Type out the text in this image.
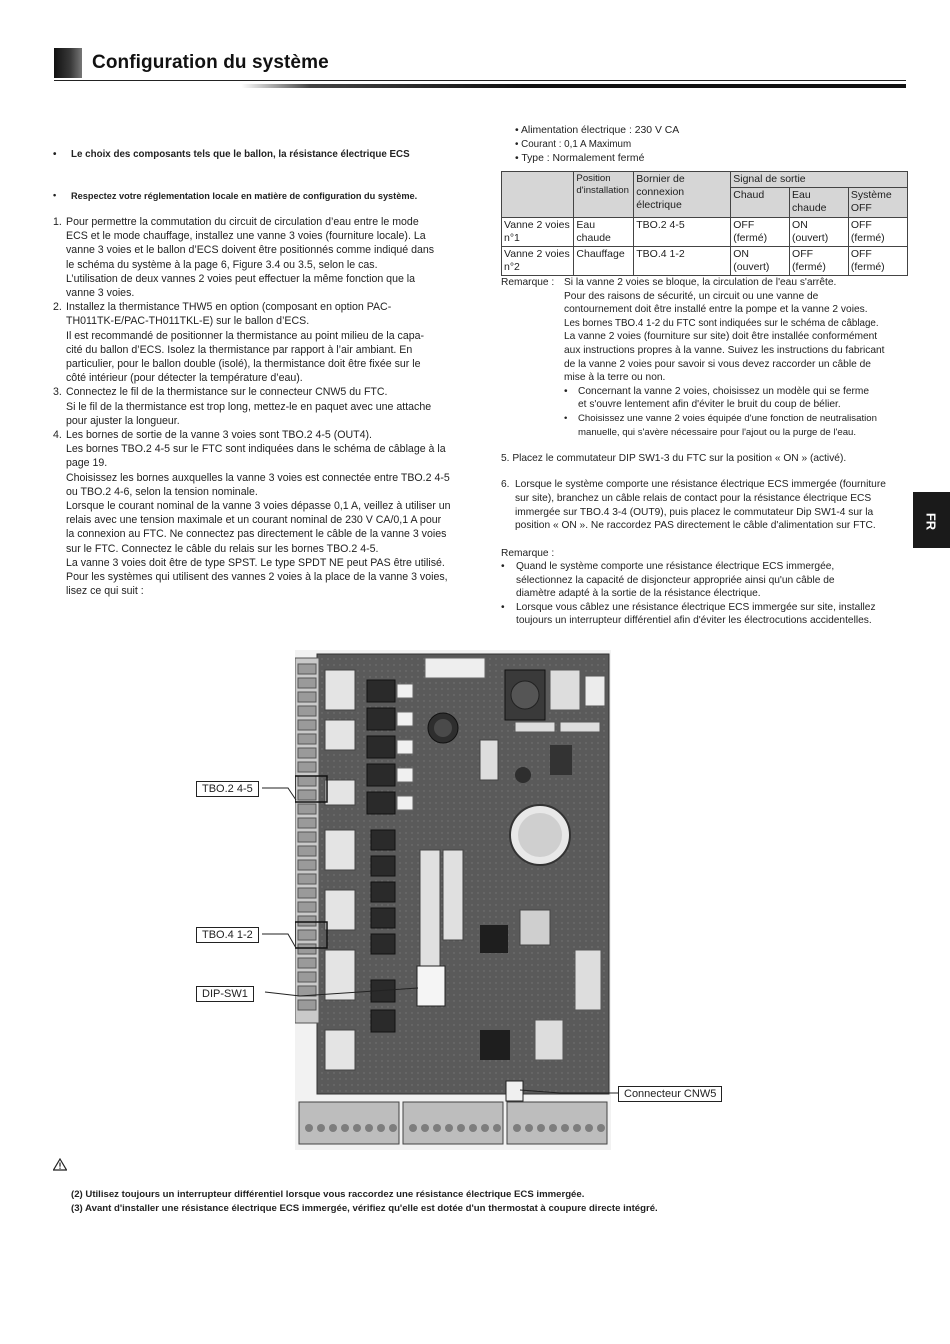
Configuration du système
• Le choix des composants tels que le ballon, la résistance électrique ECS
• Respectez votre réglementation locale en matière de configuration du système.
1. Pour permettre la commutation du circuit de circulation d’eau entre le mode
ECS et le mode chauffage, installez une vanne 3 voies (fourniture locale). La
vanne 3 voies et le ballon d’ECS doivent être positionnés comme indiqué dans
le schéma du système à la page 6, Figure 3.4 ou 3.5, selon le cas.
L’utilisation de deux vannes 2 voies peut effectuer la même fonction que la
vanne 3 voies.
2. Installez la thermistance THW5 en option (composant en option PAC-
TH011TK-E/PAC-TH011TKL-E) sur le ballon d’ECS.
Il est recommandé de positionner la thermistance au point milieu de la capa-
cité du ballon d’ECS. Isolez la thermistance par rapport à l’air ambiant. En
particulier, pour le ballon double (isolé), la thermistance doit être fixée sur le
côté intérieur (pour détecter la température d’eau).
3. Connectez le fil de la thermistance sur le connecteur CNW5 du FTC.
Si le fil de la thermistance est trop long, mettez-le en paquet avec une attache
pour ajuster la longueur.
4. Les bornes de sortie de la vanne 3 voies sont TBO.2 4-5 (OUT4).
Les bornes TBO.2 4-5 sur le FTC sont indiquées dans le schéma de câblage à la
page 19.
Choisissez les bornes auxquelles la vanne 3 voies est connectée entre TBO.2 4-5
ou TBO.2 4-6, selon la tension nominale.
Lorsque le courant nominal de la vanne 3 voies dépasse 0,1 A, veillez à utiliser un
relais avec une tension maximale et un courant nominal de 230 V CA/0,1 A pour
la connexion au FTC. Ne connectez pas directement le câble de la vanne 3 voies
sur le FTC. Connectez le câble du relais sur les bornes TBO.2 4-5.
La vanne 3 voies doit être de type SPST. Le type SPDT NE peut PAS être utilisé.
Pour les systèmes qui utilisent des vannes 2 voies à la place de la vanne 3 voies,
lisez ce qui suit :
• Alimentation électrique : 230 V CA
• Courant : 0,1 A Maximum
• Type : Normalement fermé
	Position d'installation	Bornier de connexion électrique	Signal de sortie		
			Chaud	Eau chaude	Système OFF
Vanne 2 voies n°1	Eau chaude	TBO.2 4-5	OFF (fermé)	ON (ouvert)	OFF (fermé)
Vanne 2 voies n°2	Chauffage	TBO.4 1-2	ON (ouvert)	OFF (fermé)	OFF (fermé)
Remarque : Si la vanne 2 voies se bloque, la circulation de l'eau s'arrête.
Pour des raisons de sécurité, un circuit ou une vanne de
contournement doit être installé entre la pompe et la vanne 2 voies.
Les bornes TBO.4 1-2 du FTC sont indiquées sur le schéma de câblage.
La vanne 2 voies (fourniture sur site) doit être installée conformément
aux instructions propres à la vanne. Suivez les instructions du fabricant
de la vanne 2 voies pour savoir si vous devez raccorder un câble de
mise à la terre ou non.
• Concernant la vanne 2 voies, choisissez un modèle qui se ferme
et s'ouvre lentement afin d'éviter le bruit du coup de bélier.
• Choisissez une vanne 2 voies équipée d'une fonction de neutralisation
manuelle, qui s'avère nécessaire pour l'ajout ou la purge de l'eau.
5. Placez le commutateur DIP SW1-3 du FTC sur la position « ON » (activé).
6. Lorsque le système comporte une résistance électrique ECS immergée (fourniture
sur site), branchez un câble relais de contact pour la résistance électrique ECS
immergée sur TBO.4 3-4 (OUT9), puis placez le commutateur Dip SW1-4 sur la
position « ON ». Ne raccordez PAS directement le câble d'alimentation sur FTC.
Remarque :
• Quand le système comporte une résistance électrique ECS immergée,
sélectionnez la capacité de disjoncteur appropriée ainsi qu'un câble de
diamètre adapté à la sortie de la résistance électrique.
• Lorsque vous câblez une résistance électrique ECS immergée sur site, installez
toujours un interrupteur différentiel afin d'éviter les électrocutions accidentelles.
FR
TBO.2 4-5
TBO.4 1-2
DIP-SW1
Connecteur CNW5
(2) Utilisez toujours un interrupteur différentiel lorsque vous raccordez une résistance électrique ECS immergée.
(3) Avant d'installer une résistance électrique ECS immergée, vérifiez qu'elle est dotée d'un thermostat à coupure directe intégré.
